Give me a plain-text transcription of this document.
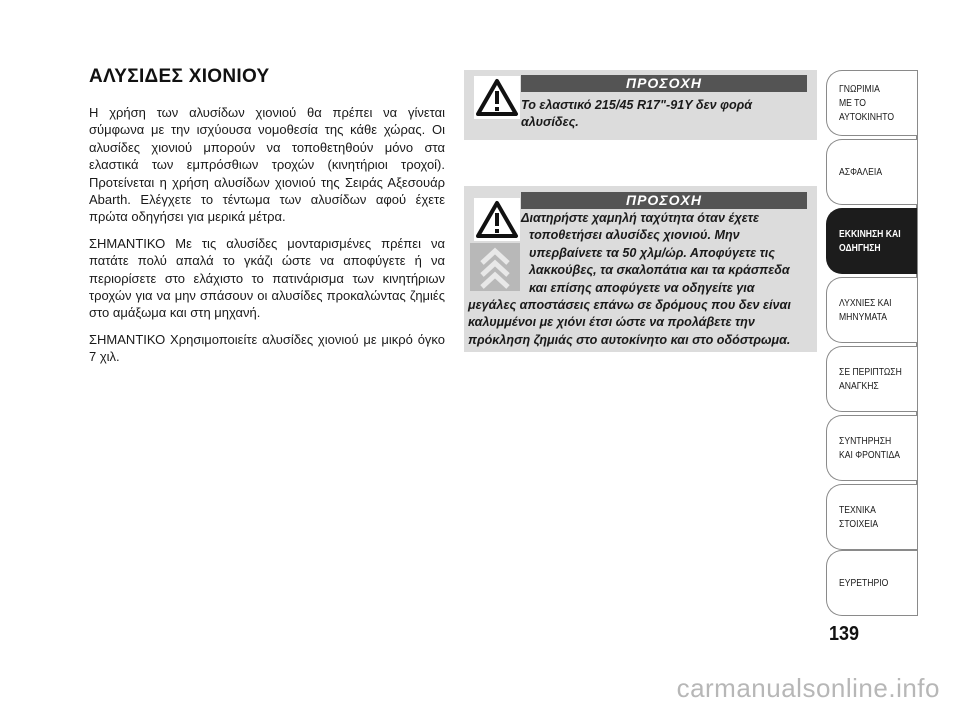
ΑΛΥΣΙΔΕΣ ΧΙΟΝΙΟΥ

Η χρήση των αλυσίδων χιονιού θα πρέπει να γίνεται σύμφωνα με την ισχύουσα νομοθεσία της κάθε χώρας. Οι αλυσίδες χιονιού μπορούν να τοποθετηθούν μόνο στα ελαστικά των εμπρόσθιων τροχών (κινητήριοι τροχοί). Προτείνεται η χρήση αλυσίδων χιονιού της Σειράς Αξεσουάρ Abarth. Ελέγχετε το τέντωμα των αλυσίδων αφού έχετε πρώτα οδηγήσει για μερικά μέτρα.

ΣΗΜΑΝΤΙΚΟ Με τις αλυσίδες μονταρισμένες πρέπει να πατάτε πολύ απαλά το γκάζι ώστε να αποφύγετε ή να περιορίσετε στο ελάχιστο το πατινάρισμα των κινητήριων τροχών για να μην σπάσουν οι αλυσίδες προκαλώντας ζημιές στο αμάξωμα και στη μηχανή.

ΣΗΜΑΝΤΙΚΟ Χρησιμοποιείτε αλυσίδες χιονιού με μικρό όγκο 7 χιλ.

ΠΡΟΣΟΧΗ
Το ελαστικό 215/45 R17"-91Y δεν φορά αλυσίδες.
ΠΡΟΣΟΧΗ
Διατηρήστε χαμηλή ταχύτητα όταν έχετε
τοποθετήσει αλυσίδες χιονιού. Μην
υπερβαίνετε τα 50 χλμ/ώρ. Αποφύγετε τις
λακκούβες, τα σκαλοπάτια και τα κράσπεδα
και επίσης αποφύγετε να οδηγείτε για
μεγάλες αποστάσεις επάνω σε δρόμους που δεν είναι καλυμμένοι με χιόνι έτσι ώστε να προλάβετε την πρόκληση ζημιάς στο αυτοκίνητο και στο οδόστρωμα.
ΓΝΩΡΙΜΙΑ
ΜΕ ΤΟ
ΑΥΤΟΚΙΝΗΤΟ
ΑΣΦΑΛΕΙΑ
ΕΚΚΙΝΗΣΗ ΚΑΙ
ΟΔΗΓΗΣΗ
ΛΥΧΝΙΕΣ ΚΑΙ
ΜΗΝΥΜΑΤΑ
ΣΕ ΠΕΡΙΠΤΩΣΗ
ΑΝΑΓΚΗΣ
ΣΥΝΤΗΡΗΣΗ
ΚΑΙ ΦΡΟΝΤΙΔΑ
ΤΕΧΝΙΚΑ
ΣΤΟΙΧΕΙΑ
ΕΥΡΕΤΗΡΙΟ
139
carmanualsonline.info
